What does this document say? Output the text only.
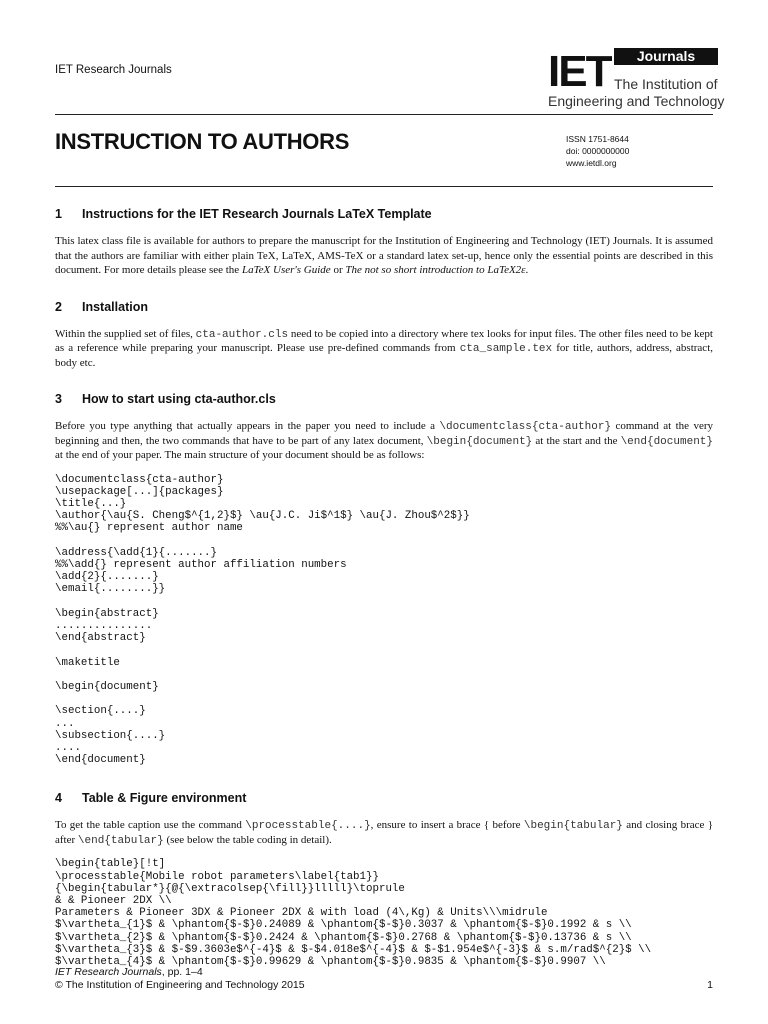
IET Research Journals	IET	Journals
The Institution of
Engineering and Technology
INSTRUCTION TO AUTHORS	ISSN 1751-8644
doi: 0000000000
www.ietdl.org
1 Instructions for the IET Research Journals LaTeX Template

This latex class file is available for authors to prepare the manuscript for the Institution of Engineering and Technology (IET) Journals. It is assumed that the authors are familiar with either plain TeX, LaTeX, AMS-TeX or a standard latex set-up, hence only the essential points are described in this document. For more details please see the LaTeX User's Guide or The not so short introduction to LaTeX2ε.

2 Installation

Within the supplied set of files, cta-author.cls need to be copied into a directory where tex looks for input files. The other files need to be kept as a reference while preparing your manuscript. Please use pre-defined commands from cta_sample.tex for title, authors, address, abstract, body etc.

3 How to start using cta-author.cls

Before you type anything that actually appears in the paper you need to include a \documentclass{cta-author} command at the very beginning and then, the two commands that have to be part of any latex document, \begin{document} at the start and the \end{document} at the end of your paper. The main structure of your document should be as follows:

\documentclass{cta-author}
\usepackage[...]{packages}
\title{...}
\author{\au{S. Cheng$^{1,2}$} \au{J.C. Ji$^1$} \au{J. Zhou$^2$}}
%%\au{} represent author name

\address{\add{1}{.......}
%%\add{} represent author affiliation numbers
\add{2}{.......}
\email{........}}

\begin{abstract}
...............
\end{abstract}

\maketitle

\begin{document}

\section{....}
...
\subsection{....}
....
\end{document}
4 Table & Figure environment

To get the table caption use the command \processtable{....}, ensure to insert a brace { before \begin{tabular} and closing brace } after \end{tabular} (see below the table coding in detail).

\begin{table}[!t]
\processtable{Mobile robot parameters\label{tab1}}
{\begin{tabular*}{@{\extracolsep{\fill}}lllll}\toprule
& & Pioneer 2DX \\
Parameters & Pioneer 3DX & Pioneer 2DX & with load (4\,Kg) & Units\\\midrule
$\vartheta_{1}$ & \phantom{$-$}0.24089 & \phantom{$-$}0.3037 & \phantom{$-$}0.1992 & s \\
$\vartheta_{2}$ & \phantom{$-$}0.2424 & \phantom{$-$}0.2768 & \phantom{$-$}0.13736 & s \\
$\vartheta_{3}$ & $-$9.3603e$^{-4}$ & $-$4.018e$^{-4}$ & $-$1.954e$^{-3}$ & s.m/rad$^{2}$ \\
$\vartheta_{4}$ & \phantom{$-$}0.99629 & \phantom{$-$}0.9835 & \phantom{$-$}0.9907 \\
IET Research Journals, pp. 1–4
© The Institution of Engineering and Technology 2015	1
